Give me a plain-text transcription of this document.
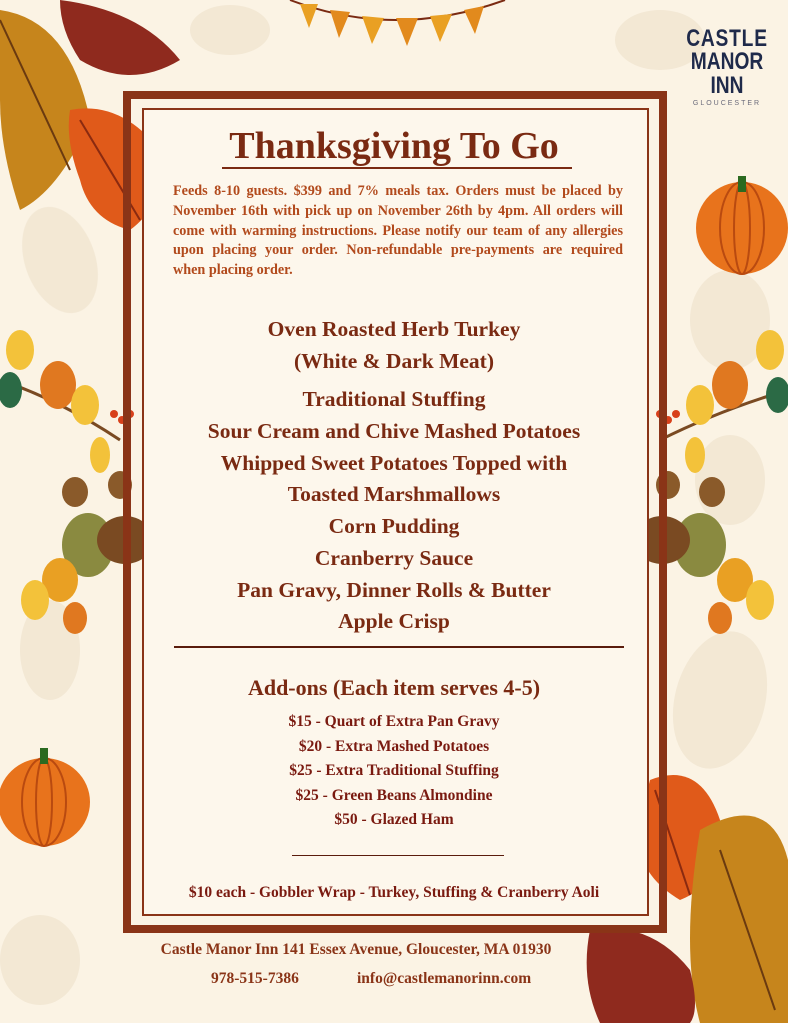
CASTLE
MANOR INN
GLOUCESTER
Thanksgiving To Go
Feeds 8-10 guests. $399 and 7% meals tax. Orders must be placed by November 16th with pick up on November 26th by 4pm. All orders will come with warming instructions. Please notify our team of any allergies upon placing your order. Non-refundable pre-payments are required when placing order.
Oven Roasted Herb Turkey
(White & Dark Meat)
Traditional Stuffing
Sour Cream and Chive Mashed Potatoes
Whipped Sweet Potatoes Topped with
Toasted Marshmallows
Corn Pudding
Cranberry Sauce
Pan Gravy, Dinner Rolls & Butter
Apple Crisp
Add-ons (Each item serves 4-5)
$15 - Quart of Extra Pan Gravy
$20 - Extra Mashed Potatoes
$25 - Extra Traditional Stuffing
$25 - Green Beans Almondine
$50 - Glazed Ham
$10 each - Gobbler Wrap - Turkey, Stuffing & Cranberry Aoli
Castle Manor Inn 141 Essex Avenue, Gloucester, MA 01930
978-515-7386	info@castlemanorinn.com
